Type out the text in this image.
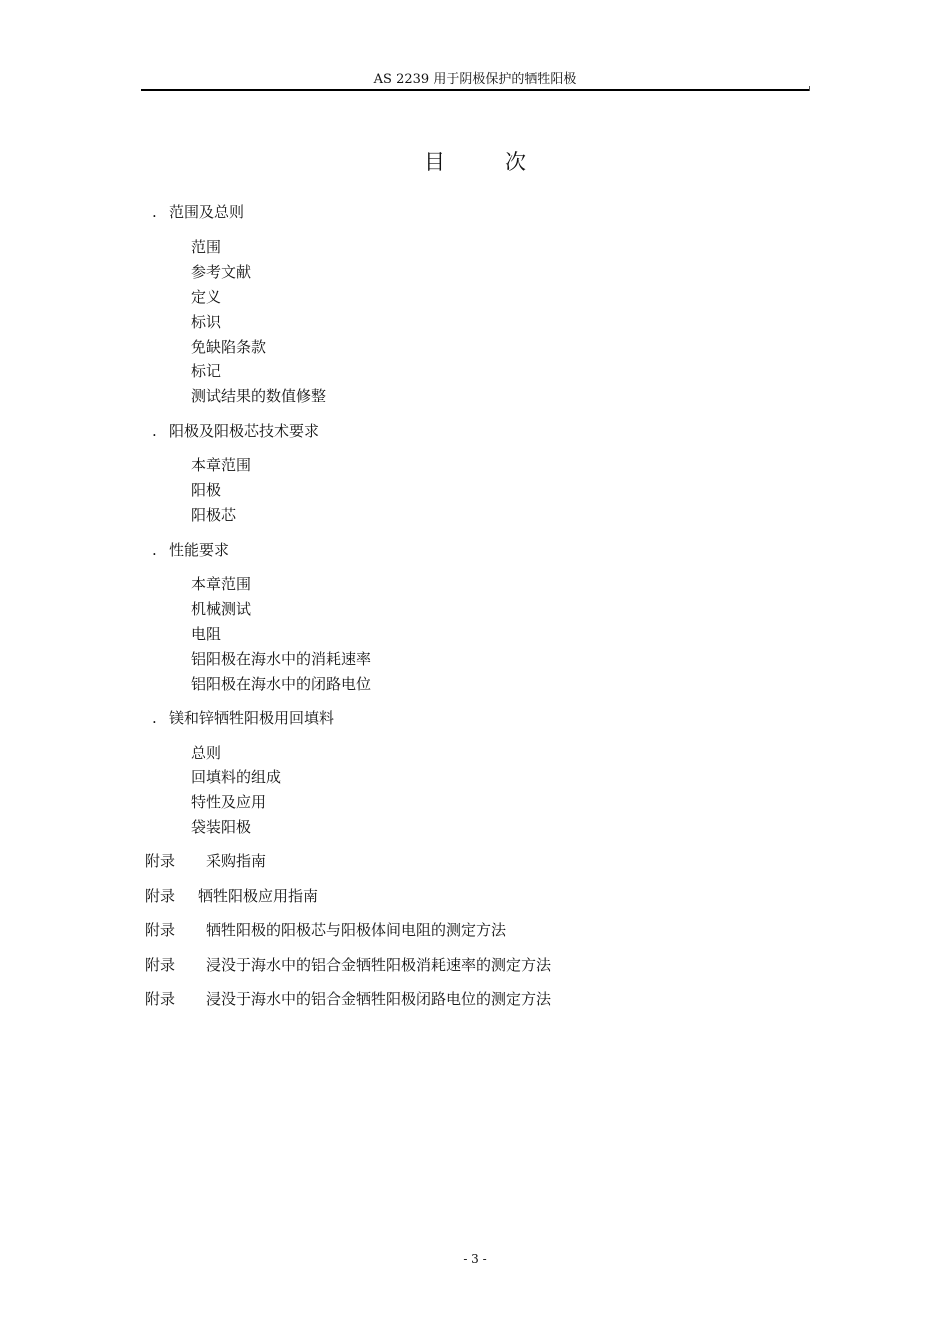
AS 2239 用于阴极保护的牺牲阳极
目	次
. 范围及总则
范围
参考文献
定义
标识
免缺陷条款
标记
测试结果的数值修整
. 阳极及阳极芯技术要求
本章范围
阳极
阳极芯
. 性能要求
本章范围
机械测试
电阻
铝阳极在海水中的消耗速率
铝阳极在海水中的闭路电位
. 镁和锌牺牲阳极用回填料
总则
回填料的组成
特性及应用
袋装阳极
附录 采购指南
附录 牺牲阳极应用指南
附录 牺牲阳极的阳极芯与阳极体间电阻的测定方法
附录 浸没于海水中的铝合金牺牲阳极消耗速率的测定方法
附录 浸没于海水中的铝合金牺牲阳极闭路电位的测定方法
- 3 -
